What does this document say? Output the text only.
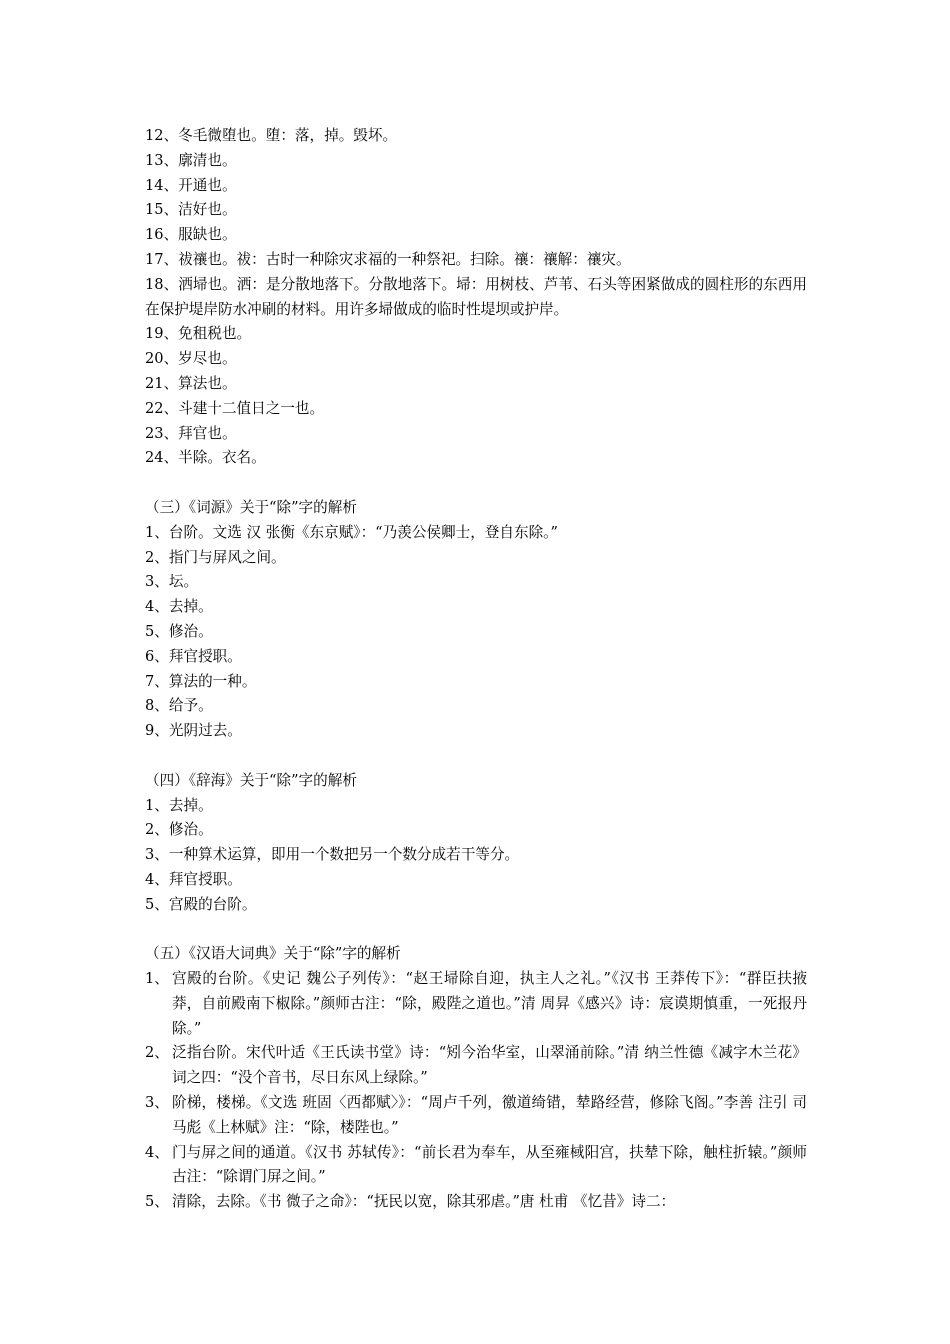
12、冬毛微堕也。堕：落，掉。毁坏。
13、廓清也。
14、开通也。
15、洁好也。
16、服缺也。
17、祓禳也。祓：古时一种除灾求福的一种祭祀。扫除。禳：禳解：禳灾。
18、洒埽也。洒：是分散地落下。分散地落下。埽：用树枝、芦苇、石头等困紧做成的圆柱形的东西用在保护堤岸防水冲刷的材料。用许多埽做成的临时性堤坝或护岸。
19、免租税也。
20、岁尽也。
21、算法也。
22、斗建十二值日之一也。
23、拜官也。
24、半除。衣名。
（三）《词源》关于“除”字的解析
1、台阶。文选 汉 张衡《东京赋》：“乃羡公侯卿士，登自东除。”
2、指门与屏风之间。
3、坛。
4、去掉。
5、修治。
6、拜官授职。
7、算法的一种。
8、给予。
9、光阴过去。
（四）《辞海》关于“除”字的解析
1、去掉。
2、修治。
3、一种算术运算，即用一个数把另一个数分成若干等分。
4、拜官授职。
5、宫殿的台阶。
（五）《汉语大词典》关于“除”字的解析
1、 宫殿的台阶。《史记 魏公子列传》：“赵王埽除自迎，执主人之礼。”《汉书 王莽传下》：“群臣扶掖莽，自前殿南下椒除。”颜师古注：“除，殿陛之道也。”清 周昇《感兴》诗：宸谟期慎重，一死报丹除。”
2、 泛指台阶。宋代叶适《王氏读书堂》诗：“矧今治华室，山翠涌前除。”清 纳兰性德《减字木兰花》词之四：“没个音书，尽日东风上绿除。”
3、 阶梯，楼梯。《文选 班固〈西都赋〉》：“周卢千列，徼道绮错，辇路经营，修除飞阁。”李善 注引 司马彪《上林赋》注：“除，楼陛也。”
4、 门与屏之间的通道。《汉书 苏轼传》：“前长君为奉车，从至雍棫阳宫，扶辇下除，触柱折辕。”颜师古注：“除谓门屏之间。”
5、 清除，去除。《书 微子之命》：“抚民以宽，除其邪虐。”唐 杜甫 《忆昔》诗二：
